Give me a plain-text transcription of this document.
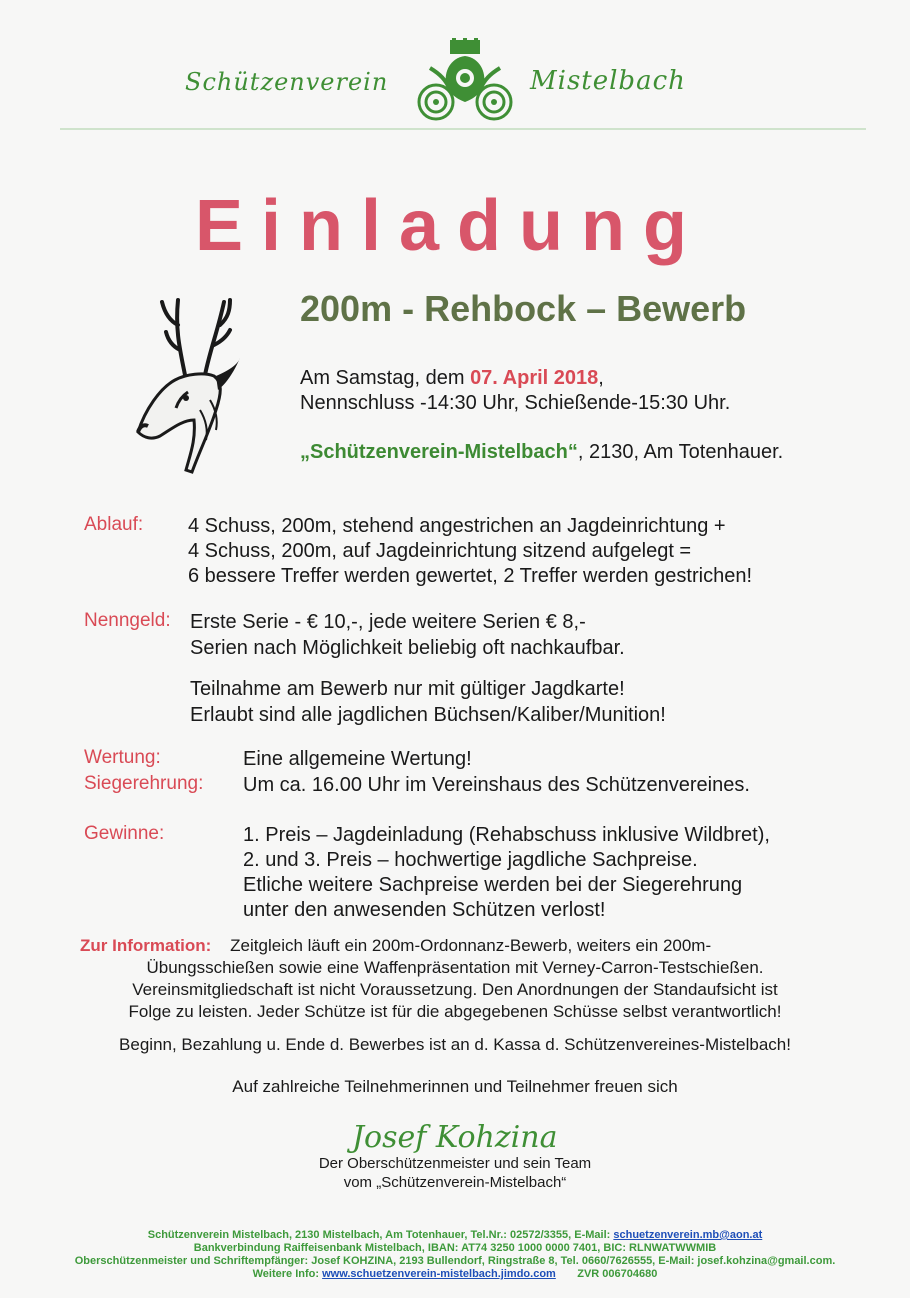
Schützenverein	Mistelbach
Einladung
200m - Rehbock – Bewerb
Am Samstag, dem 07. April 2018,
Nennschluss -14:30 Uhr, Schießende-15:30 Uhr.
„Schützenverein-Mistelbach“, 2130, Am Totenhauer.
Ablauf: 4 Schuss, 200m, stehend angestrichen an Jagdeinrichtung +
4 Schuss, 200m, auf Jagdeinrichtung sitzend aufgelegt =
6 bessere Treffer werden gewertet, 2 Treffer werden gestrichen!
Nenngeld: Erste Serie - € 10,-, jede weitere Serien € 8,-
Serien nach Möglichkeit beliebig oft nachkaufbar.
Teilnahme am Bewerb nur mit gültiger Jagdkarte!
Erlaubt sind alle jagdlichen Büchsen/Kaliber/Munition!
Wertung:	Eine allgemeine Wertung!
Siegerehrung: Um ca. 16.00 Uhr im Vereinshaus des Schützenvereines.
Gewinne:	1. Preis – Jagdeinladung (Rehabschuss inklusive Wildbret),
2. und 3. Preis – hochwertige jagdliche Sachpreise.
Etliche weitere Sachpreise werden bei der Siegerehrung
unter den anwesenden Schützen verlost!
Zur Information: Zeitgleich läuft ein 200m-Ordonnanz-Bewerb, weiters ein 200m-
Übungsschießen sowie eine Waffenpräsentation mit Verney-Carron-Testschießen.
Vereinsmitgliedschaft ist nicht Voraussetzung. Den Anordnungen der Standaufsicht ist
Folge zu leisten. Jeder Schütze ist für die abgegebenen Schüsse selbst verantwortlich!
Beginn, Bezahlung u. Ende d. Bewerbes ist an d. Kassa d. Schützenvereines-Mistelbach!
Auf zahlreiche Teilnehmerinnen und Teilnehmer freuen sich
Josef Kohzina
Der Oberschützenmeister und sein Team
vom „Schützenverein-Mistelbach“
Schützenverein Mistelbach, 2130 Mistelbach, Am Totenhauer, Tel.Nr.: 02572/3355, E-Mail: schuetzenverein.mb@aon.at
Bankverbindung Raiffeisenbank Mistelbach, IBAN: AT74 3250 1000 0000 7401, BIC: RLNWATWWMIB
Oberschützenmeister und Schriftempfänger: Josef KOHZINA, 2193 Bullendorf, Ringstraße 8, Tel. 0660/7626555, E-Mail: josef.kohzina@gmail.com.
Weitere Info: www.schuetzenverein-mistelbach.jimdo.com ZVR 006704680
